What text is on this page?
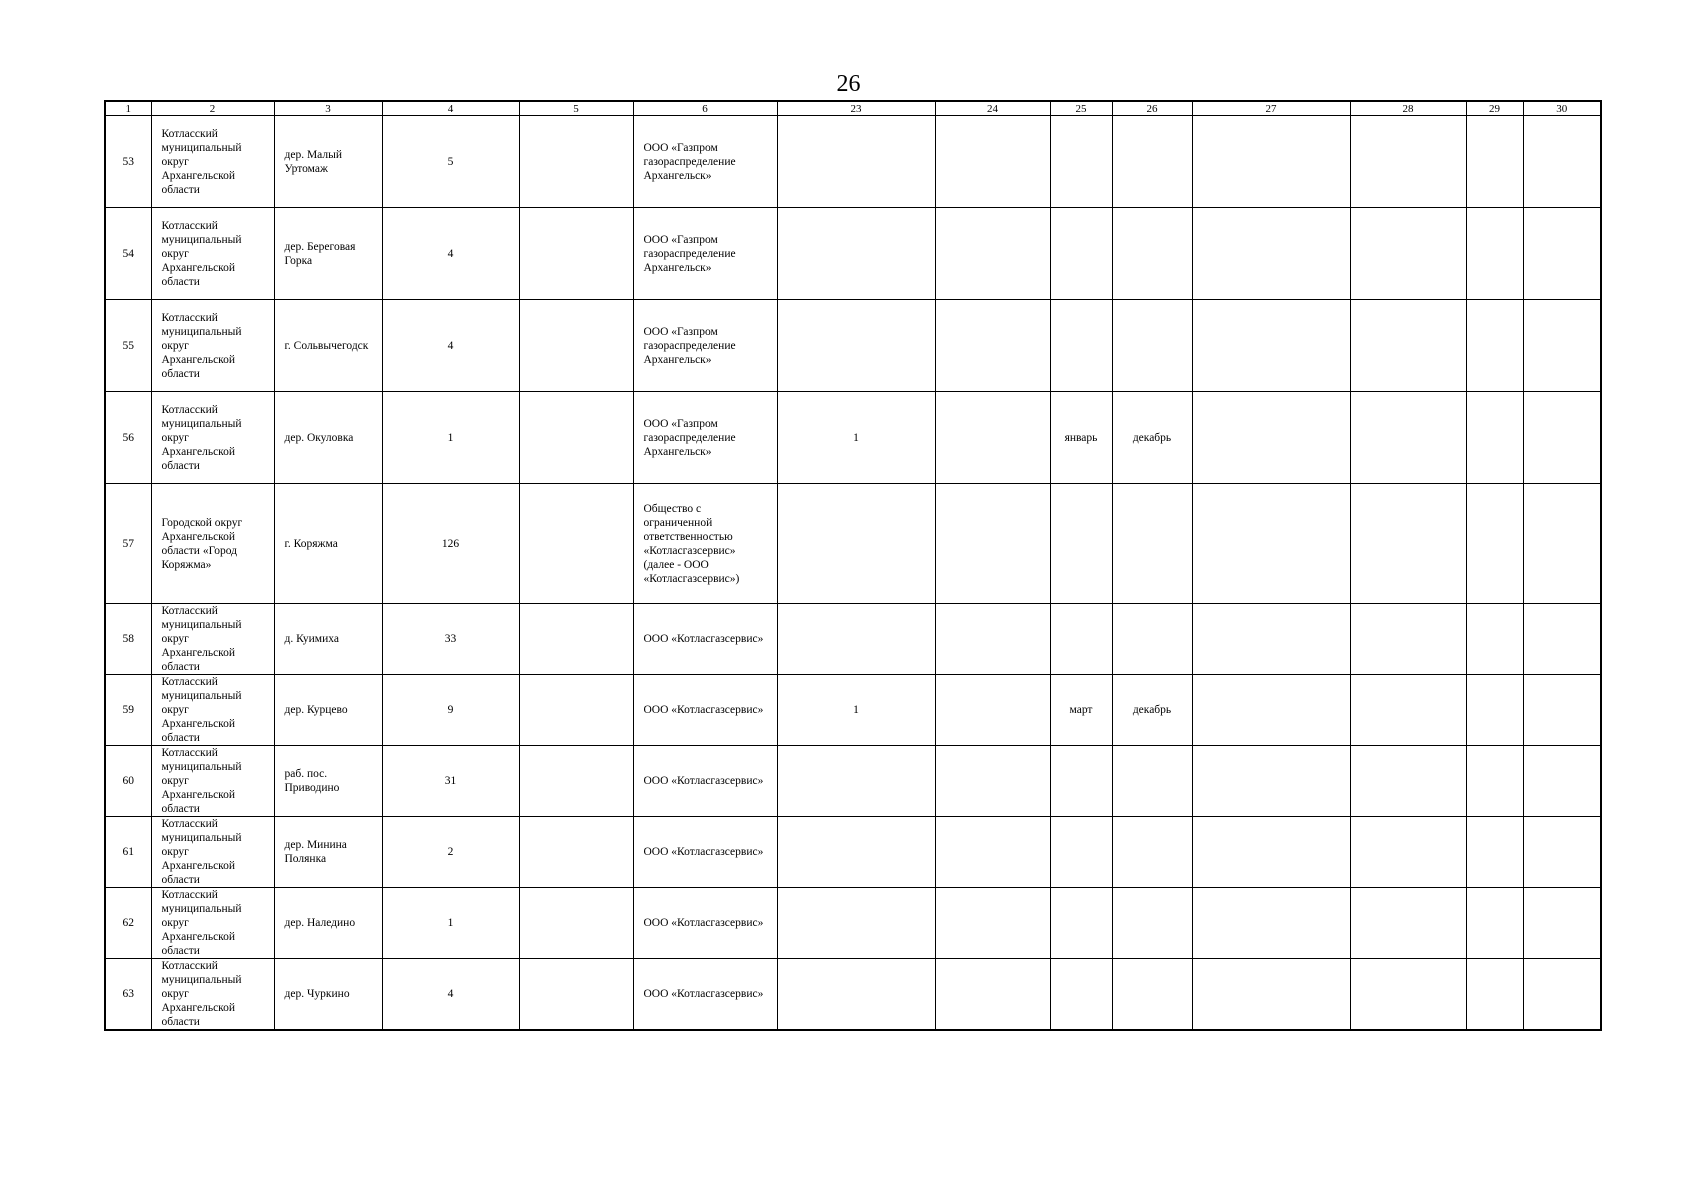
26
1	2	3	4	5	6	23	24	25	26	27	28	29	30
53	Котласский муниципальный округ Архангельской области	дер. Малый Уртомаж	5		ООО «Газпром газораспределение Архангельск»								
54	Котласский муниципальный округ Архангельской области	дер. Береговая Горка	4		ООО «Газпром газораспределение Архангельск»								
55	Котласский муниципальный округ Архангельской области	г. Сольвычегодск	4		ООО «Газпром газораспределение Архангельск»								
56	Котласский муниципальный округ Архангельской области	дер. Окуловка	1		ООО «Газпром газораспределение Архангельск»	1		январь	декабрь				
57	Городской округ Архангельской области «Город Коряжма»	г. Коряжма	126		Общество с ограниченной ответственностью «Котласгазсервис» (далее - ООО «Котласгазсервис»)								
58	Котласский муниципальный округ Архангельской области	д. Куимиха	33		ООО «Котласгазсервис»								
59	Котласский муниципальный округ Архангельской области	дер. Курцево	9		ООО «Котласгазсервис»	1		март	декабрь				
60	Котласский муниципальный округ Архангельской области	раб. пос. Приводино	31		ООО «Котласгазсервис»								
61	Котласский муниципальный округ Архангельской области	дер. Минина Полянка	2		ООО «Котласгазсервис»								
62	Котласский муниципальный округ Архангельской области	дер. Наледино	1		ООО «Котласгазсервис»								
63	Котласский муниципальный округ Архангельской области	дер. Чуркино	4		ООО «Котласгазсервис»								
